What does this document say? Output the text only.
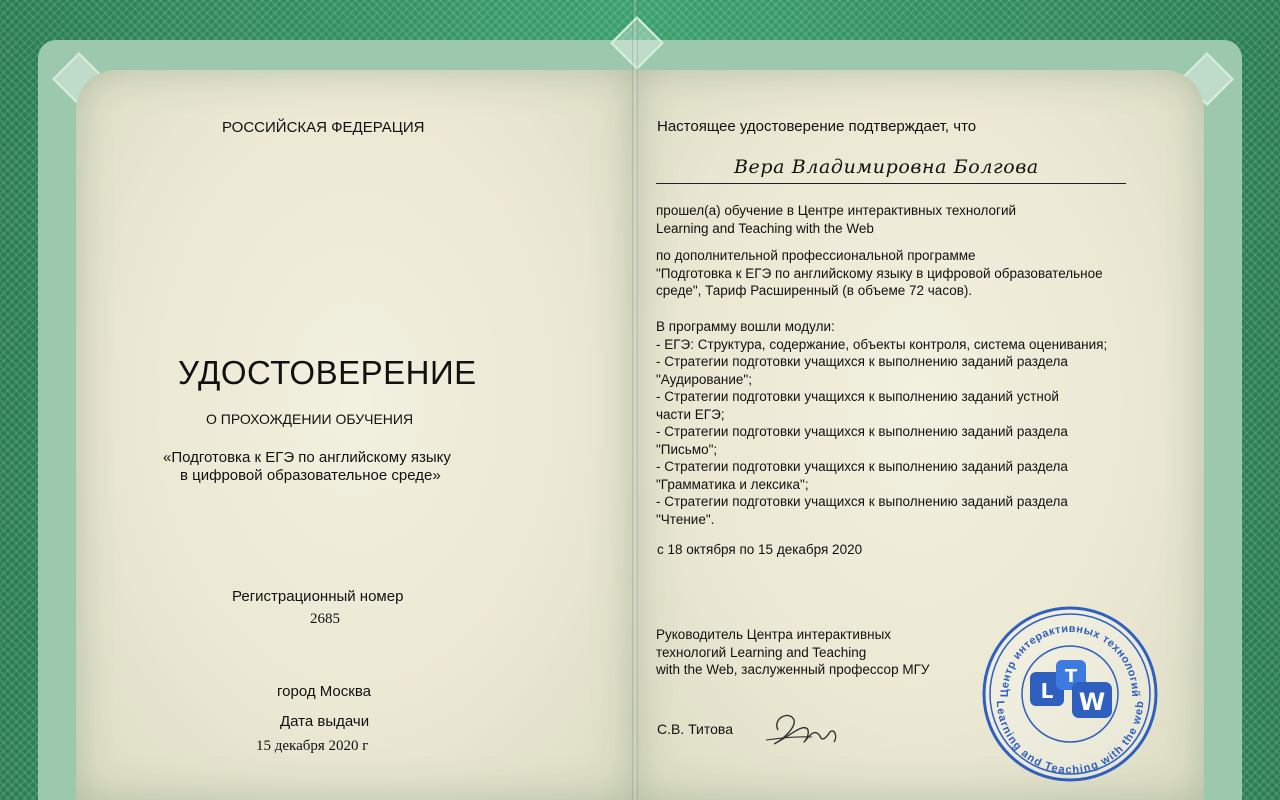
РОССИЙСКАЯ ФЕДЕРАЦИЯ
УДОСТОВЕРЕНИЕ
О ПРОХОЖДЕНИИ ОБУЧЕНИЯ
«Подготовка к ЕГЭ по английскому языку
в цифровой образовательное среде»
Регистрационный номер
2685
город Москва
Дата выдачи
15 декабря 2020 г
Настоящее удостоверение подтверждает, что
Вера Владимировна Болгова
прошел(а) обучение в Центре интерактивных технологий
Learning and Teaching with the Web
по дополнительной профессиональной программе
"Подготовка к ЕГЭ по английскому языку в цифровой образовательное
среде", Тариф Расширенный (в объеме 72 часов).
В программу вошли модули:
- ЕГЭ: Структура, содержание, объекты контроля, система оценивания;
- Стратегии подготовки учащихся к выполнению заданий раздела
"Аудирование";
- Стратегии подготовки учащихся к выполнению заданий устной
части ЕГЭ;
- Стратегии подготовки учащихся к выполнению заданий раздела
"Письмо";
- Стратегии подготовки учащихся к выполнению заданий раздела
"Грамматика и лексика";
- Стратегии подготовки учащихся к выполнению заданий раздела
"Чтение".
с 18 октября по 15 декабря 2020
Руководитель Центра интерактивных
технологий Learning and Teaching
with the Web, заслуженный профессор МГУ
С.В. Титова
Центр интерактивных технологий
Learning and Teaching with the web
L
T
W
